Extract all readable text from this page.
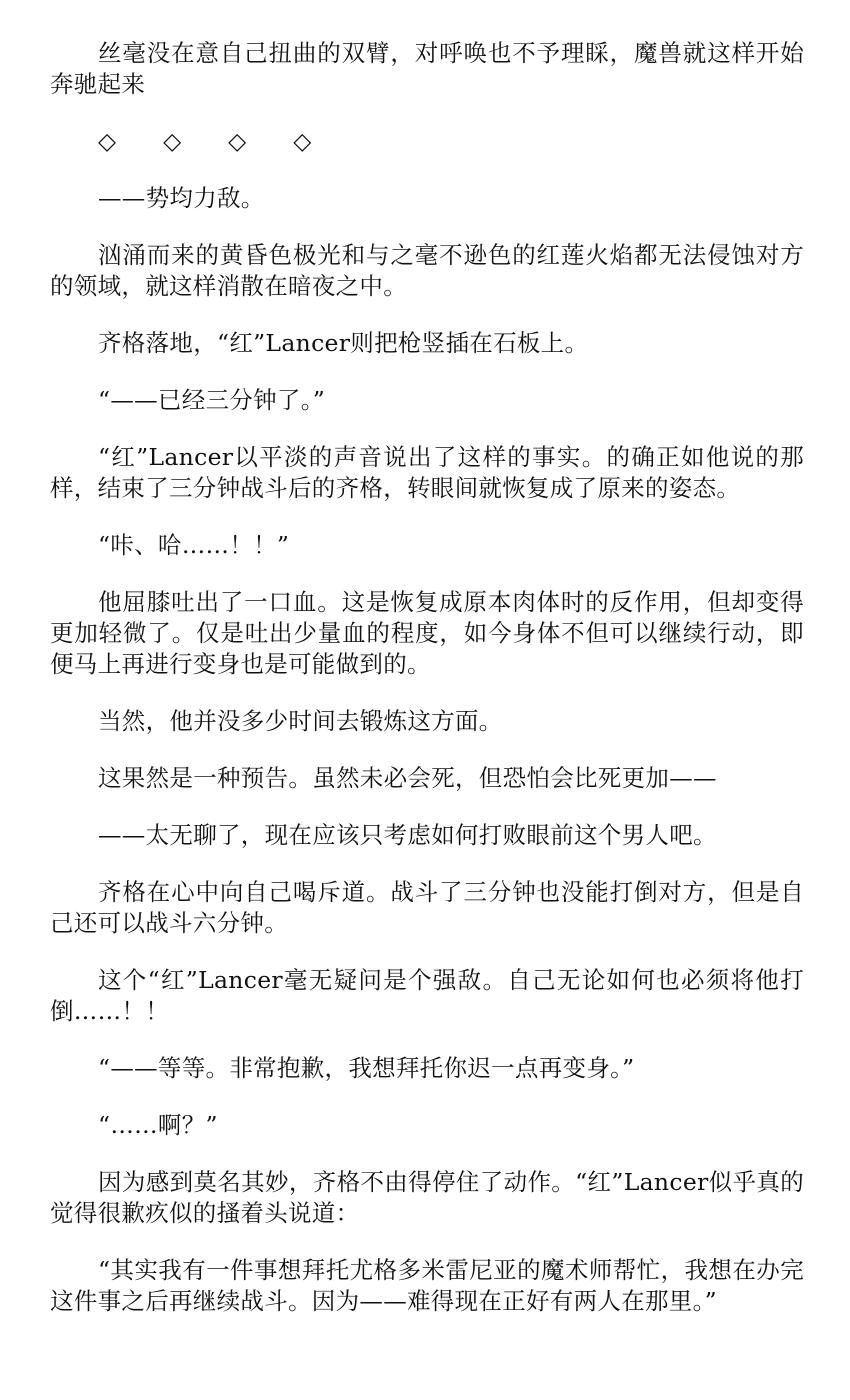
丝毫没在意自己扭曲的双臂，对呼唤也不予理睬，魔兽就这样开始奔驰起来

◇　　◇　　◇　　◇

——势均力敌。

汹涌而来的黄昏色极光和与之毫不逊色的红莲火焰都无法侵蚀对方的领域，就这样消散在暗夜之中。

齐格落地，“红”Lancer则把枪竖插在石板上。

“——已经三分钟了。”

“红”Lancer以平淡的声音说出了这样的事实。的确正如他说的那样，结束了三分钟战斗后的齐格，转眼间就恢复成了原来的姿态。

“咔、哈……！！”

他屈膝吐出了一口血。这是恢复成原本肉体时的反作用，但却变得更加轻微了。仅是吐出少量血的程度，如今身体不但可以继续行动，即便马上再进行变身也是可能做到的。

当然，他并没多少时间去锻炼这方面。

这果然是一种预告。虽然未必会死，但恐怕会比死更加——

——太无聊了，现在应该只考虑如何打败眼前这个男人吧。

齐格在心中向自己喝斥道。战斗了三分钟也没能打倒对方，但是自己还可以战斗六分钟。

这个“红”Lancer毫无疑问是个强敌。自己无论如何也必须将他打倒……！！

“——等等。非常抱歉，我想拜托你迟一点再变身。”

“……啊？”

因为感到莫名其妙，齐格不由得停住了动作。“红”Lancer似乎真的觉得很歉疚似的搔着头说道：

“其实我有一件事想拜托尤格多米雷尼亚的魔术师帮忙，我想在办完这件事之后再继续战斗。因为——难得现在正好有两人在那里。”
